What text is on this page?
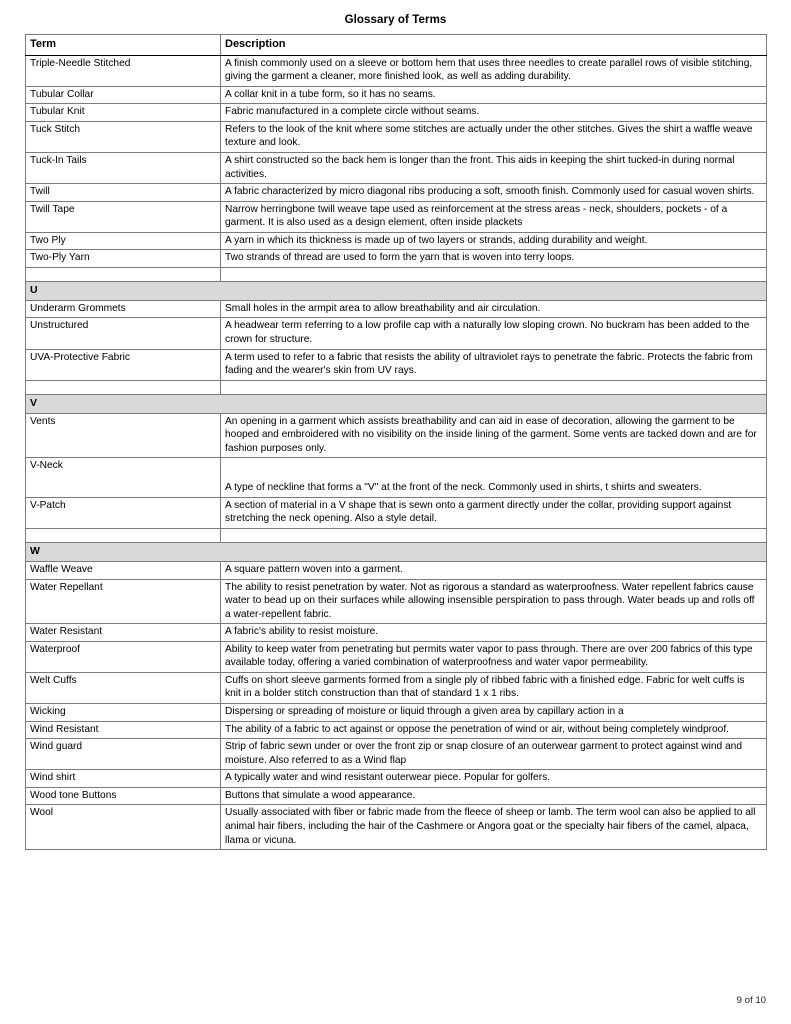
Glossary of Terms
Term	Description
Triple-Needle Stitched	A finish commonly used on a sleeve or bottom hem that uses three needles to create parallel rows of visible stitching, giving the garment a cleaner, more finished look, as well as adding durability.
Tubular Collar	A collar knit in a tube form, so it has no seams.
Tubular Knit	Fabric manufactured in a complete circle without seams.
Tuck Stitch	Refers to the look of the knit where some stitches are actually under the other stitches. Gives the shirt a waffle weave texture and look.
Tuck-In Tails	A shirt constructed so the back hem is longer than the front. This aids in keeping the shirt tucked-in during normal activities.
Twill	A fabric characterized by micro diagonal ribs producing a soft, smooth finish. Commonly used for casual woven shirts.
Twill Tape	Narrow herringbone twill weave tape used as reinforcement at the stress areas - neck, shoulders, pockets - of a garment. It is also used as a design element, often inside plackets
Two Ply	A yarn in which its thickness is made up of two layers or strands, adding durability and weight.
Two-Ply Yarn	Two strands of thread are used to form the yarn that is woven into terry loops.

U	
Underarm Grommets	Small holes in the armpit area to allow breathability and air circulation.
Unstructured	A headwear term referring to a low profile cap with a naturally low sloping crown. No buckram has been added to the crown for structure.
UVA-Protective Fabric	A term used to refer to a fabric that resists the ability of ultraviolet rays to penetrate the fabric. Protects the fabric from fading and the wearer's skin from UV rays.

V	
Vents	An opening in a garment which assists breathability and can aid in ease of decoration, allowing the garment to be hooped and embroidered with no visibility on the inside lining of the garment. Some vents are tacked down and are for fashion purposes only.
V-Neck	A type of neckline that forms a "V" at the front of the neck. Commonly used in shirts, t shirts and sweaters.

V-Patch	A section of material in a V shape that is sewn onto a garment directly under the collar, providing support against stretching the neck opening. Also a style detail.

W	
Waffle Weave	A square pattern woven into a garment.
Water Repellant	The ability to resist penetration by water. Not as rigorous a standard as waterproofness. Water repellent fabrics cause water to bead up on their surfaces while allowing insensible perspiration to pass through. Water beads up and rolls off a water-repellent fabric.
Water Resistant	A fabric's ability to resist moisture.
Waterproof	Ability to keep water from penetrating but permits water vapor to pass through. There are over 200 fabrics of this type available today, offering a varied combination of waterproofness and water vapor permeability.
Welt Cuffs	Cuffs on short sleeve garments formed from a single ply of ribbed fabric with a finished edge. Fabric for welt cuffs is knit in a bolder stitch construction than that of standard 1 x 1 ribs.
Wicking	Dispersing or spreading of moisture or liquid through a given area by capillary action in a
Wind Resistant	The ability of a fabric to act against or oppose the penetration of wind or air, without being completely windproof.
Wind guard	Strip of fabric sewn under or over the front zip or snap closure of an outerwear garment to protect against wind and moisture. Also referred to as a Wind flap
Wind shirt	A typically water and wind resistant outerwear piece. Popular for golfers.
Wood tone Buttons	Buttons that simulate a wood appearance.
Wool	Usually associated with fiber or fabric made from the fleece of sheep or lamb. The term wool can also be applied to all animal hair fibers, including the hair of the Cashmere or Angora goat or the specialty hair fibers of the camel, alpaca, llama or vicuna.
9 of 10
